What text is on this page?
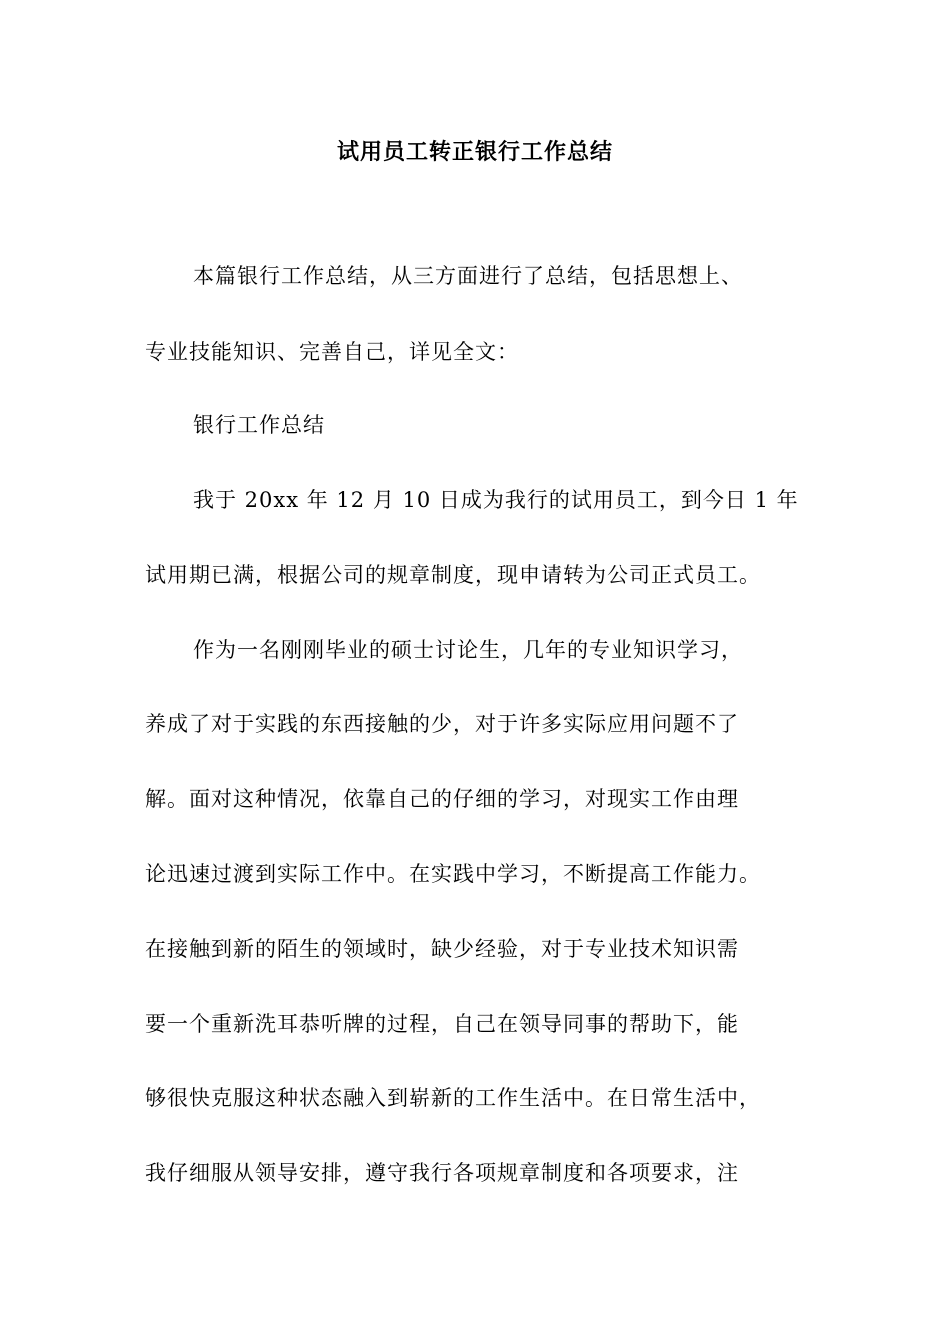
试用员工转正银行工作总结
本篇银行工作总结，从三方面进行了总结，包括思想上、
专业技能知识、完善自己，详见全文：
银行工作总结
我于 20xx 年 12 月 10 日成为我行的试用员工，到今日 1 年
试用期已满，根据公司的规章制度，现申请转为公司正式员工。
作为一名刚刚毕业的硕士讨论生，几年的专业知识学习，
养成了对于实践的东西接触的少，对于许多实际应用问题不了
解。面对这种情况，依靠自己的仔细的学习，对现实工作由理
论迅速过渡到实际工作中。在实践中学习，不断提高工作能力。
在接触到新的陌生的领域时，缺少经验，对于专业技术知识需
要一个重新洗耳恭听牌的过程，自己在领导同事的帮助下，能
够很快克服这种状态融入到崭新的工作生活中。在日常生活中，
我仔细服从领导安排，遵守我行各项规章制度和各项要求，注
